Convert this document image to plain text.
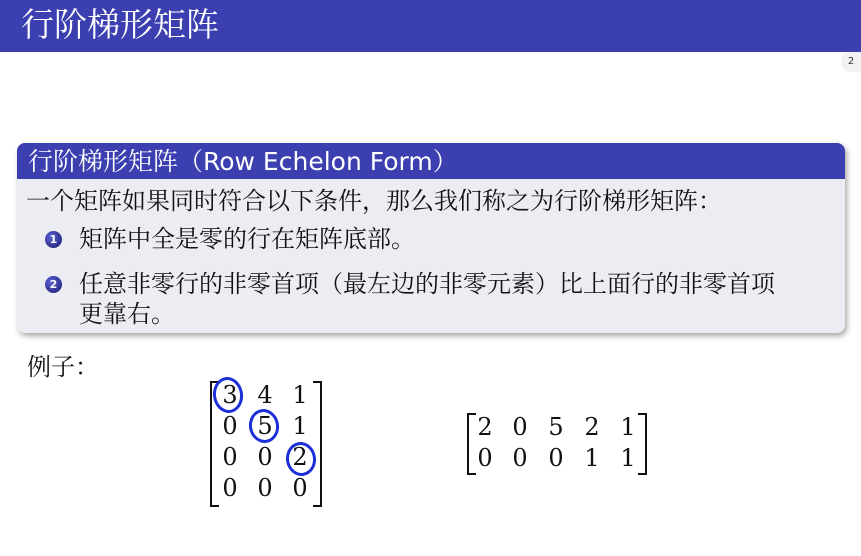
行阶梯形矩阵
2
行阶梯形矩阵（Row Echelon Form）
一个矩阵如果同时符合以下条件，那么我们称之为行阶梯形矩阵：
1 矩阵中全是零的行在矩阵底部。
2 任意非零行的非零首项（最左边的非零元素）比上面行的非零首项
更靠右。
例子：
3 4 1
0 5 1
0 0 2
0 0 0
2 0 5 2 1
0 0 0 1 1
